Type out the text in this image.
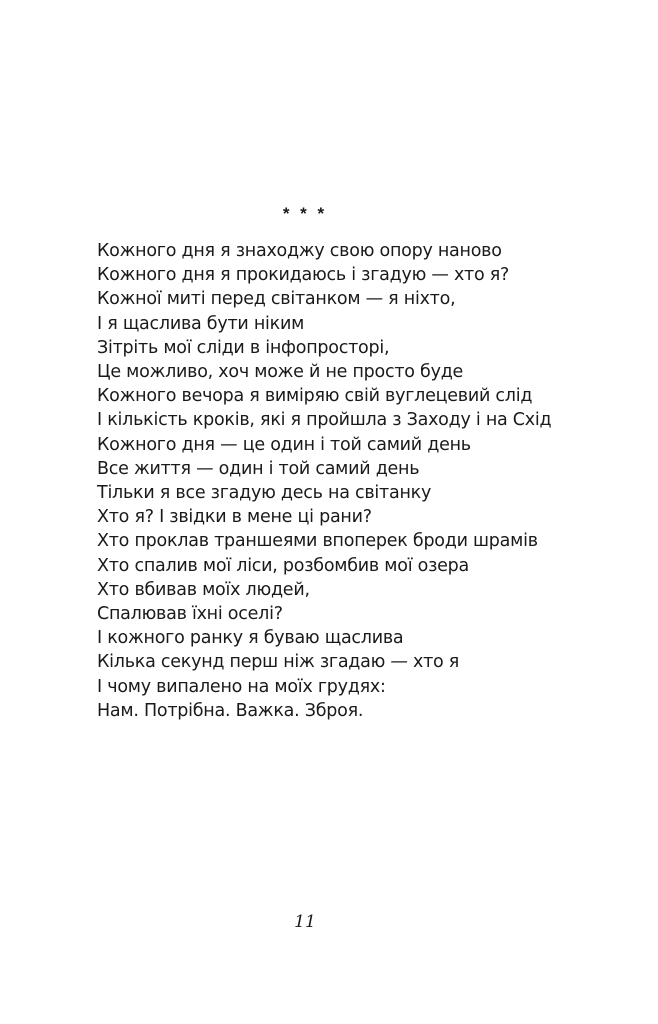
* * *

Кожного дня я знаходжу свою опору наново
Кожного дня я прокидаюсь і згадую — хто я?
Кожної миті перед світанком — я ніхто,
І я щаслива бути ніким
Зітріть мої сліди в інфопросторі,
Це можливо, хоч може й не просто буде
Кожного вечора я виміряю свій вуглецевий слід
І кількість кроків, які я пройшла з Заходу і на Схід
Кожного дня — це один і той самий день
Все життя — один і той самий день
Тільки я все згадую десь на світанку
Хто я? І звідки в мене ці рани?
Хто проклав траншеями впоперек броди шрамів
Хто спалив мої ліси, розбомбив мої озера
Хто вбивав моїх людей,
Спалював їхні оселі?
І кожного ранку я буваю щаслива
Кілька секунд перш ніж згадаю — хто я
І чому випалено на моїх грудях:
Нам. Потрібна. Важка. Зброя.

11
